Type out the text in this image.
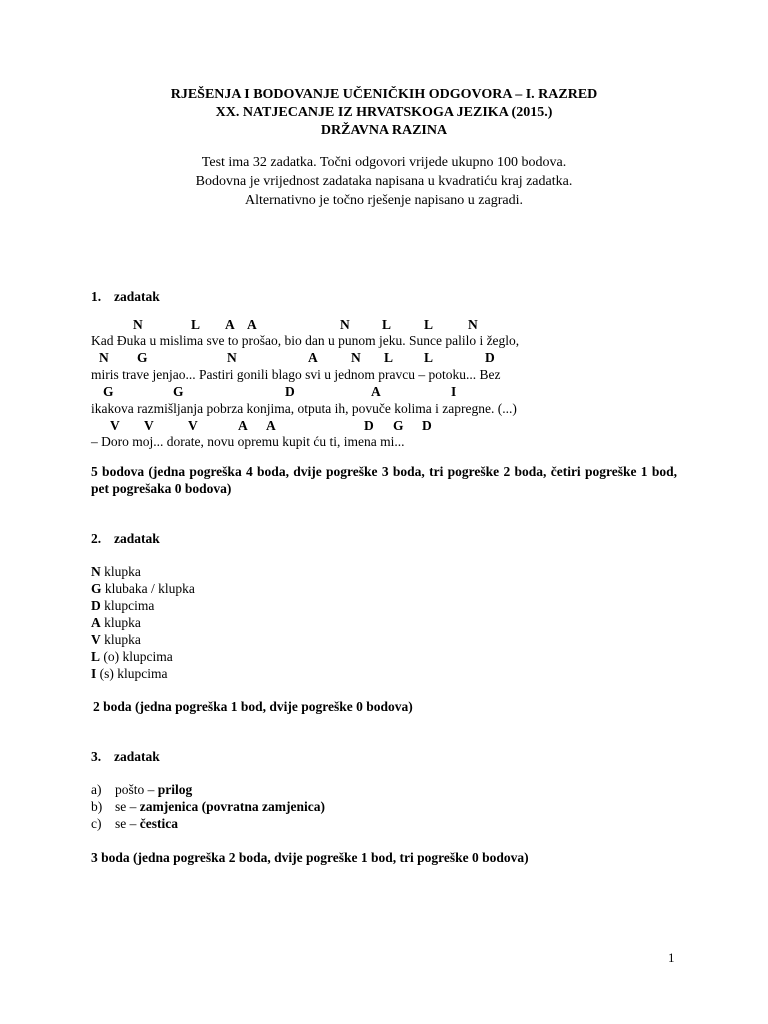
RJEŠENJA I BODOVANJE UČENIČKIH ODGOVORA – I. RAZRED
XX. NATJECANJE IZ HRVATSKOGA JEZIKA (2015.)
DRŽAVNA RAZINA
Test ima 32 zadatka. Točni odgovori vrijede ukupno 100 bodova.
Bodovna je vrijednost zadataka napisana u kvadratiću kraj zadatka.
Alternativno je točno rješenje napisano u zagradi.
1. zadatak
N	L A A	N L L	N
Kad Đuka u mislima sve to prošao, bio dan u punom jeku. Sunce palilo i žeglo,
N G	N	A N L L	D
miris trave jenjao... Pastiri gonili blago svi u jednom pravcu – potoku... Bez
G	G	D	A	I
ikakova razmišljanja pobrza konjima, otputa ih, povuče kolima i zapregne. (...)
V V	V	A A	D G D
– Doro moj... dorate, novu opremu kupit ću ti, imena mi...
5 bodova (jedna pogreška 4 boda, dvije pogreške 3 boda, tri pogreške 2 boda, četiri pogreške 1 bod, pet pogrešaka 0 bodova)
2. zadatak
N klupka
G klubaka / klupka
D klupcima
A klupka
V klupka
L (o) klupcima
I (s) klupcima
2 boda (jedna pogreška 1 bod, dvije pogreške 0 bodova)
3. zadatak
a) pošto – prilog
b) se – zamjenica (povratna zamjenica)
c) se – čestica
3 boda (jedna pogreška 2 boda, dvije pogreške 1 bod, tri pogreške 0 bodova)
1
